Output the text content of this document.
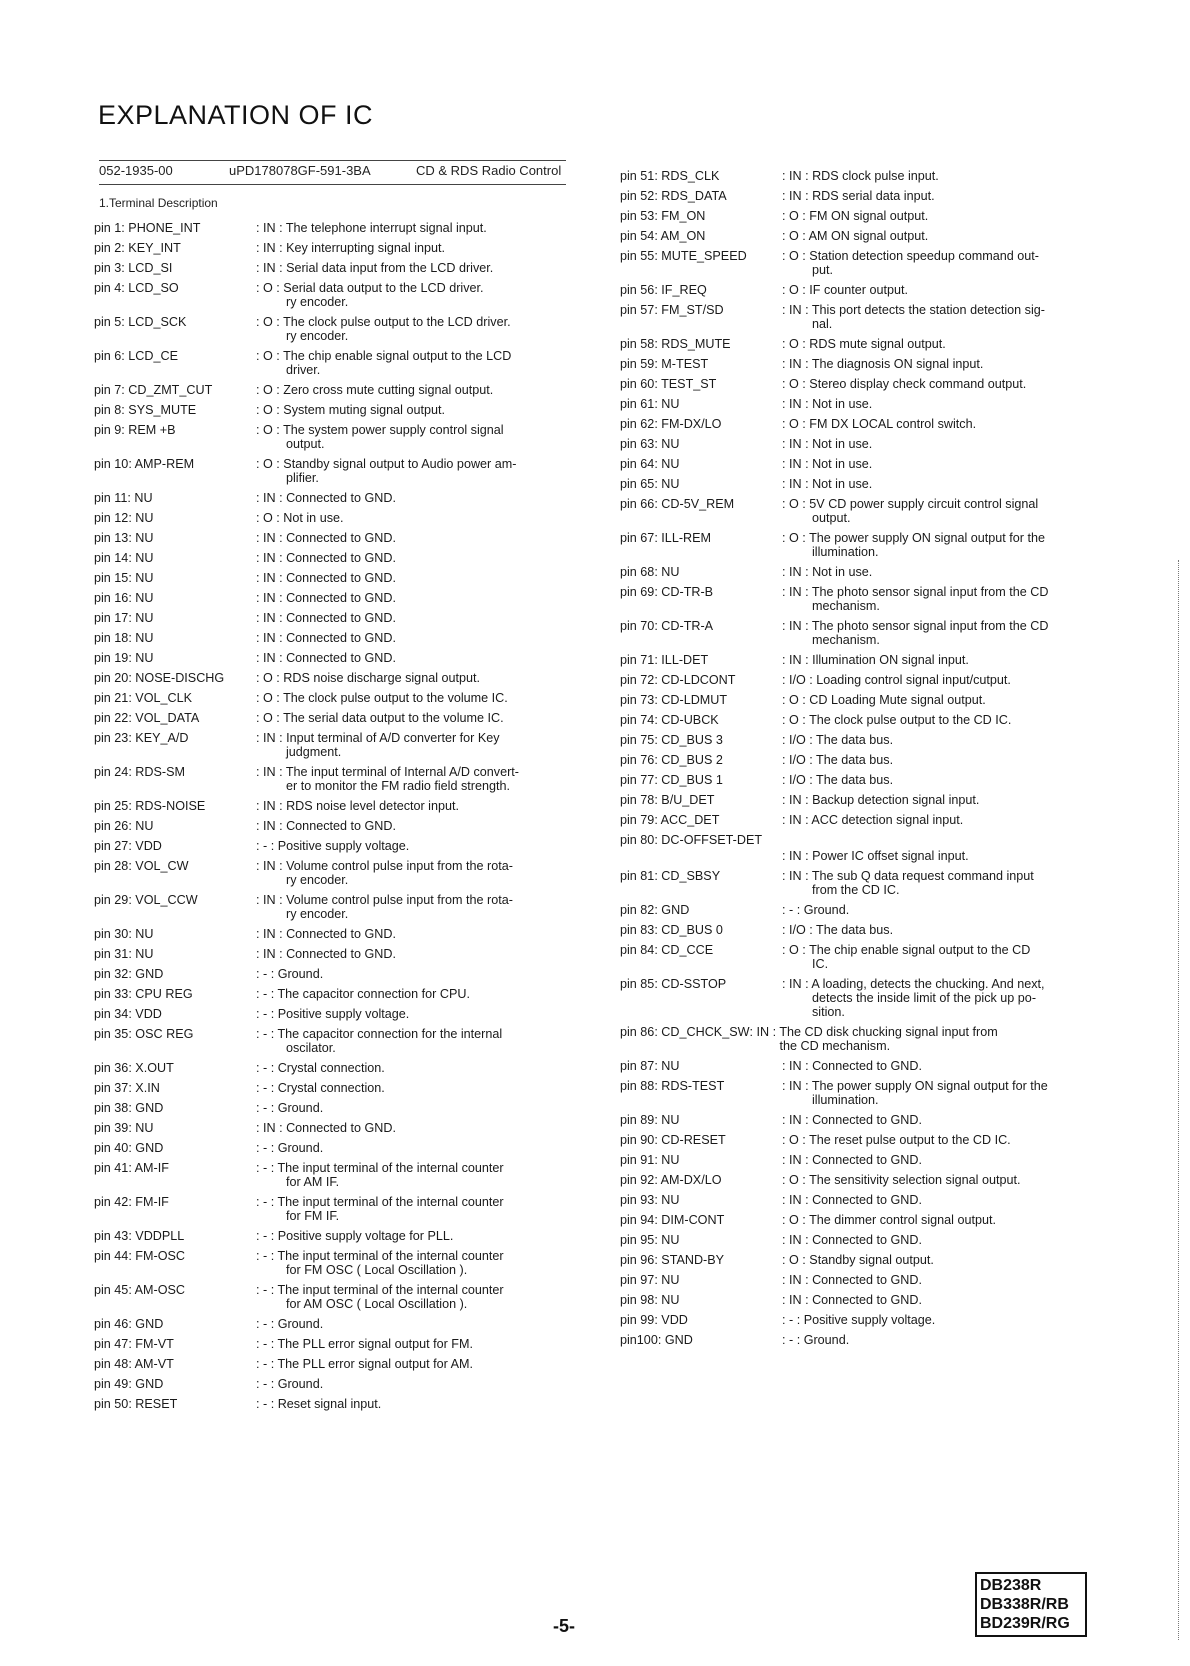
EXPLANATION OF IC
052-1935-00	uPD178078GF-591-3BA	CD & RDS Radio Control
1.Terminal Description
pin 1: PHONE_INT	: IN : The telephone interrupt signal input.
pin 2: KEY_INT	: IN : Key interrupting signal input.
pin 3: LCD_SI	: IN : Serial data input from the LCD driver.
pin 4: LCD_SO	: O : Serial data output to the LCD driver.
ry encoder.
pin 5: LCD_SCK	: O : The clock pulse output to the LCD driver.
ry encoder.
pin 6: LCD_CE	: O : The chip enable signal output to the LCD
driver.
pin 7: CD_ZMT_CUT	: O : Zero cross mute cutting signal output.
pin 8: SYS_MUTE	: O : System muting signal output.
pin 9: REM +B	: O : The system power supply control signal
output.
pin 10: AMP-REM	: O : Standby signal output to Audio power am-
plifier.
pin 11: NU	: IN : Connected to GND.
pin 12: NU	: O : Not in use.
pin 13: NU	: IN : Connected to GND.
pin 14: NU	: IN : Connected to GND.
pin 15: NU	: IN : Connected to GND.
pin 16: NU	: IN : Connected to GND.
pin 17: NU	: IN : Connected to GND.
pin 18: NU	: IN : Connected to GND.
pin 19: NU	: IN : Connected to GND.
pin 20: NOSE-DISCHG	: O : RDS noise discharge signal output.
pin 21: VOL_CLK	: O : The clock pulse output to the volume IC.
pin 22: VOL_DATA	: O : The serial data output to the volume IC.
pin 23: KEY_A/D	: IN : Input terminal of A/D converter for Key
judgment.
pin 24: RDS-SM	: IN : The input terminal of Internal A/D convert-
er to monitor the FM radio field strength.
pin 25: RDS-NOISE	: IN : RDS noise level detector input.
pin 26: NU	: IN : Connected to GND.
pin 27: VDD	: - : Positive supply voltage.
pin 28: VOL_CW	: IN : Volume control pulse input from the rota-
ry encoder.
pin 29: VOL_CCW	: IN : Volume control pulse input from the rota-
ry encoder.
pin 30: NU	: IN : Connected to GND.
pin 31: NU	: IN : Connected to GND.
pin 32: GND	: - : Ground.
pin 33: CPU REG	: - : The capacitor connection for CPU.
pin 34: VDD	: - : Positive supply voltage.
pin 35: OSC REG	: - : The capacitor connection for the internal
oscilator.
pin 36: X.OUT	: - : Crystal connection.
pin 37: X.IN	: - : Crystal connection.
pin 38: GND	: - : Ground.
pin 39: NU	: IN : Connected to GND.
pin 40: GND	: - : Ground.
pin 41: AM-IF	: - : The input terminal of the internal counter
for AM IF.
pin 42: FM-IF	: - : The input terminal of the internal counter
for FM IF.
pin 43: VDDPLL	: - : Positive supply voltage for PLL.
pin 44: FM-OSC	: - : The input terminal of the internal counter
for FM OSC ( Local Oscillation ).
pin 45: AM-OSC	: - : The input terminal of the internal counter
for AM OSC ( Local Oscillation ).
pin 46: GND	: - : Ground.
pin 47: FM-VT	: - : The PLL error signal output for FM.
pin 48: AM-VT	: - : The PLL error signal output for AM.
pin 49: GND	: - : Ground.
pin 50: RESET	: - : Reset signal input.
pin 51: RDS_CLK	: IN : RDS clock pulse input.
pin 52: RDS_DATA	: IN : RDS serial data input.
pin 53: FM_ON	: O : FM ON signal output.
pin 54: AM_ON	: O : AM ON signal output.
pin 55: MUTE_SPEED	: O : Station detection speedup command out-
put.
pin 56: IF_REQ	: O : IF counter output.
pin 57: FM_ST/SD	: IN : This port detects the station detection sig-
nal.
pin 58: RDS_MUTE	: O : RDS mute signal output.
pin 59: M-TEST	: IN : The diagnosis ON signal input.
pin 60: TEST_ST	: O : Stereo display check command output.
pin 61: NU	: IN : Not in use.
pin 62: FM-DX/LO	: O : FM DX LOCAL control switch.
pin 63: NU	: IN : Not in use.
pin 64: NU	: IN : Not in use.
pin 65: NU	: IN : Not in use.
pin 66: CD-5V_REM	: O : 5V CD power supply circuit control signal
output.
pin 67: ILL-REM	: O : The power supply ON signal output for the
illumination.
pin 68: NU	: IN : Not in use.
pin 69: CD-TR-B	: IN : The photo sensor signal input from the CD
mechanism.
pin 70: CD-TR-A	: IN : The photo sensor signal input from the CD
mechanism.
pin 71: ILL-DET	: IN : Illumination ON signal input.
pin 72: CD-LDCONT	: I/O : Loading control signal input/cutput.
pin 73: CD-LDMUT	: O : CD Loading Mute signal output.
pin 74: CD-UBCK	: O : The clock pulse output to the CD IC.
pin 75: CD_BUS 3	: I/O : The data bus.
pin 76: CD_BUS 2	: I/O : The data bus.
pin 77: CD_BUS 1	: I/O : The data bus.
pin 78: B/U_DET	: IN : Backup detection signal input.
pin 79: ACC_DET	: IN : ACC detection signal input.
pin 80: DC-OFFSET-DET
: IN : Power IC offset signal input.
pin 81: CD_SBSY	: IN : The sub Q data request command input
from the CD IC.
pin 82: GND	: - : Ground.
pin 83: CD_BUS 0	: I/O : The data bus.
pin 84: CD_CCE	: O : The chip enable signal output to the CD
IC.
pin 85: CD-SSTOP	: IN : A loading, detects the chucking. And next,
detects the inside limit of the pick up po-
sition.
pin 86: CD_CHCK_SW : IN : The CD disk chucking signal input from
the CD mechanism.
pin 87: NU	: IN : Connected to GND.
pin 88: RDS-TEST	: IN : The power supply ON signal output for the
illumination.
pin 89: NU	: IN : Connected to GND.
pin 90: CD-RESET	: O : The reset pulse output to the CD IC.
pin 91: NU	: IN : Connected to GND.
pin 92: AM-DX/LO	: O : The sensitivity selection signal output.
pin 93: NU	: IN : Connected to GND.
pin 94: DIM-CONT	: O : The dimmer control signal output.
pin 95: NU	: IN : Connected to GND.
pin 96: STAND-BY	: O : Standby signal output.
pin 97: NU	: IN : Connected to GND.
pin 98: NU	: IN : Connected to GND.
pin 99: VDD	: - : Positive supply voltage.
pin100: GND	: - : Ground.
DB238R
DB338R/RB
BD239R/RG
-5-
